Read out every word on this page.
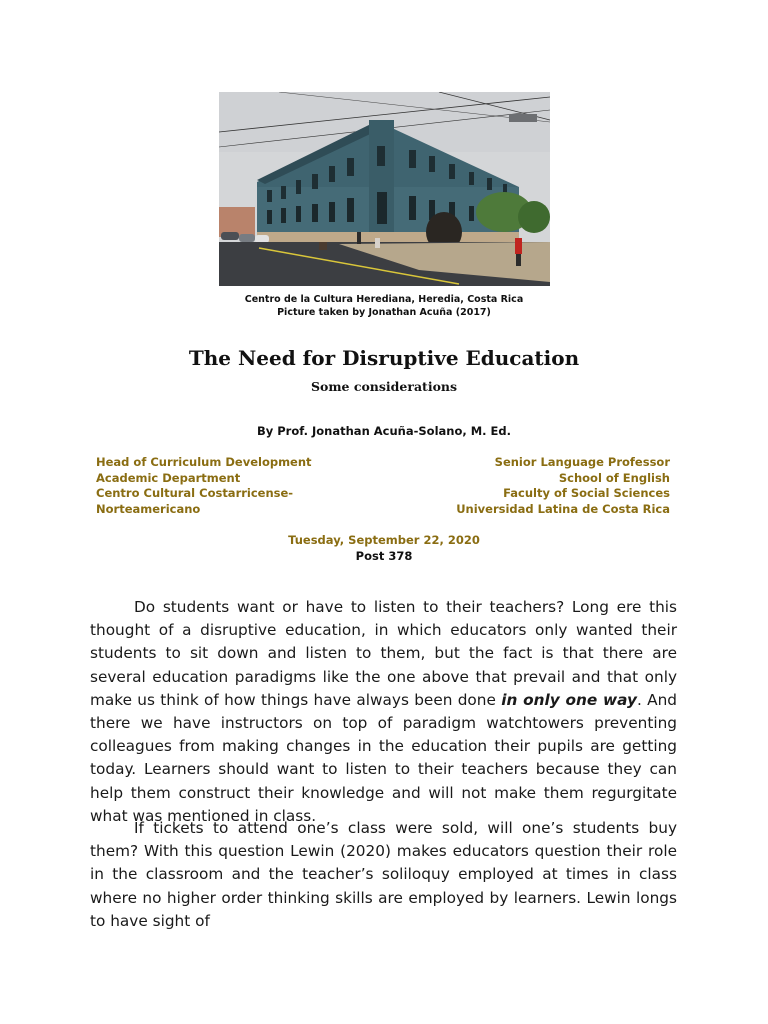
Centro de la Cultura Herediana, Heredia, Costa Rica
Picture taken by Jonathan Acuña (2017)
The Need for Disruptive Education
Some considerations
By Prof. Jonathan Acuña-Solano, M. Ed.
Head of Curriculum Development
Academic Department
Centro Cultural Costarricense-
Norteamericano
Senior Language Professor
School of English
Faculty of Social Sciences
Universidad Latina de Costa Rica
Tuesday, September 22, 2020
Post 378

Do students want or have to listen to their teachers? Long ere this thought of a disruptive education, in which educators only wanted their students to sit down and listen to them, but the fact is that there are several education paradigms like the one above that prevail and that only make us think of how things have always been done in only one way. And there we have instructors on top of paradigm watchtowers preventing colleagues from making changes in the education their pupils are getting today. Learners should want to listen to their teachers because they can help them construct their knowledge and will not make them regurgitate what was mentioned in class.

If tickets to attend one’s class were sold, will one’s students buy them? With this question Lewin (2020) makes educators question their role in the classroom and the teacher’s soliloquy employed at times in class where no higher order thinking skills are employed by learners. Lewin longs to have sight of
